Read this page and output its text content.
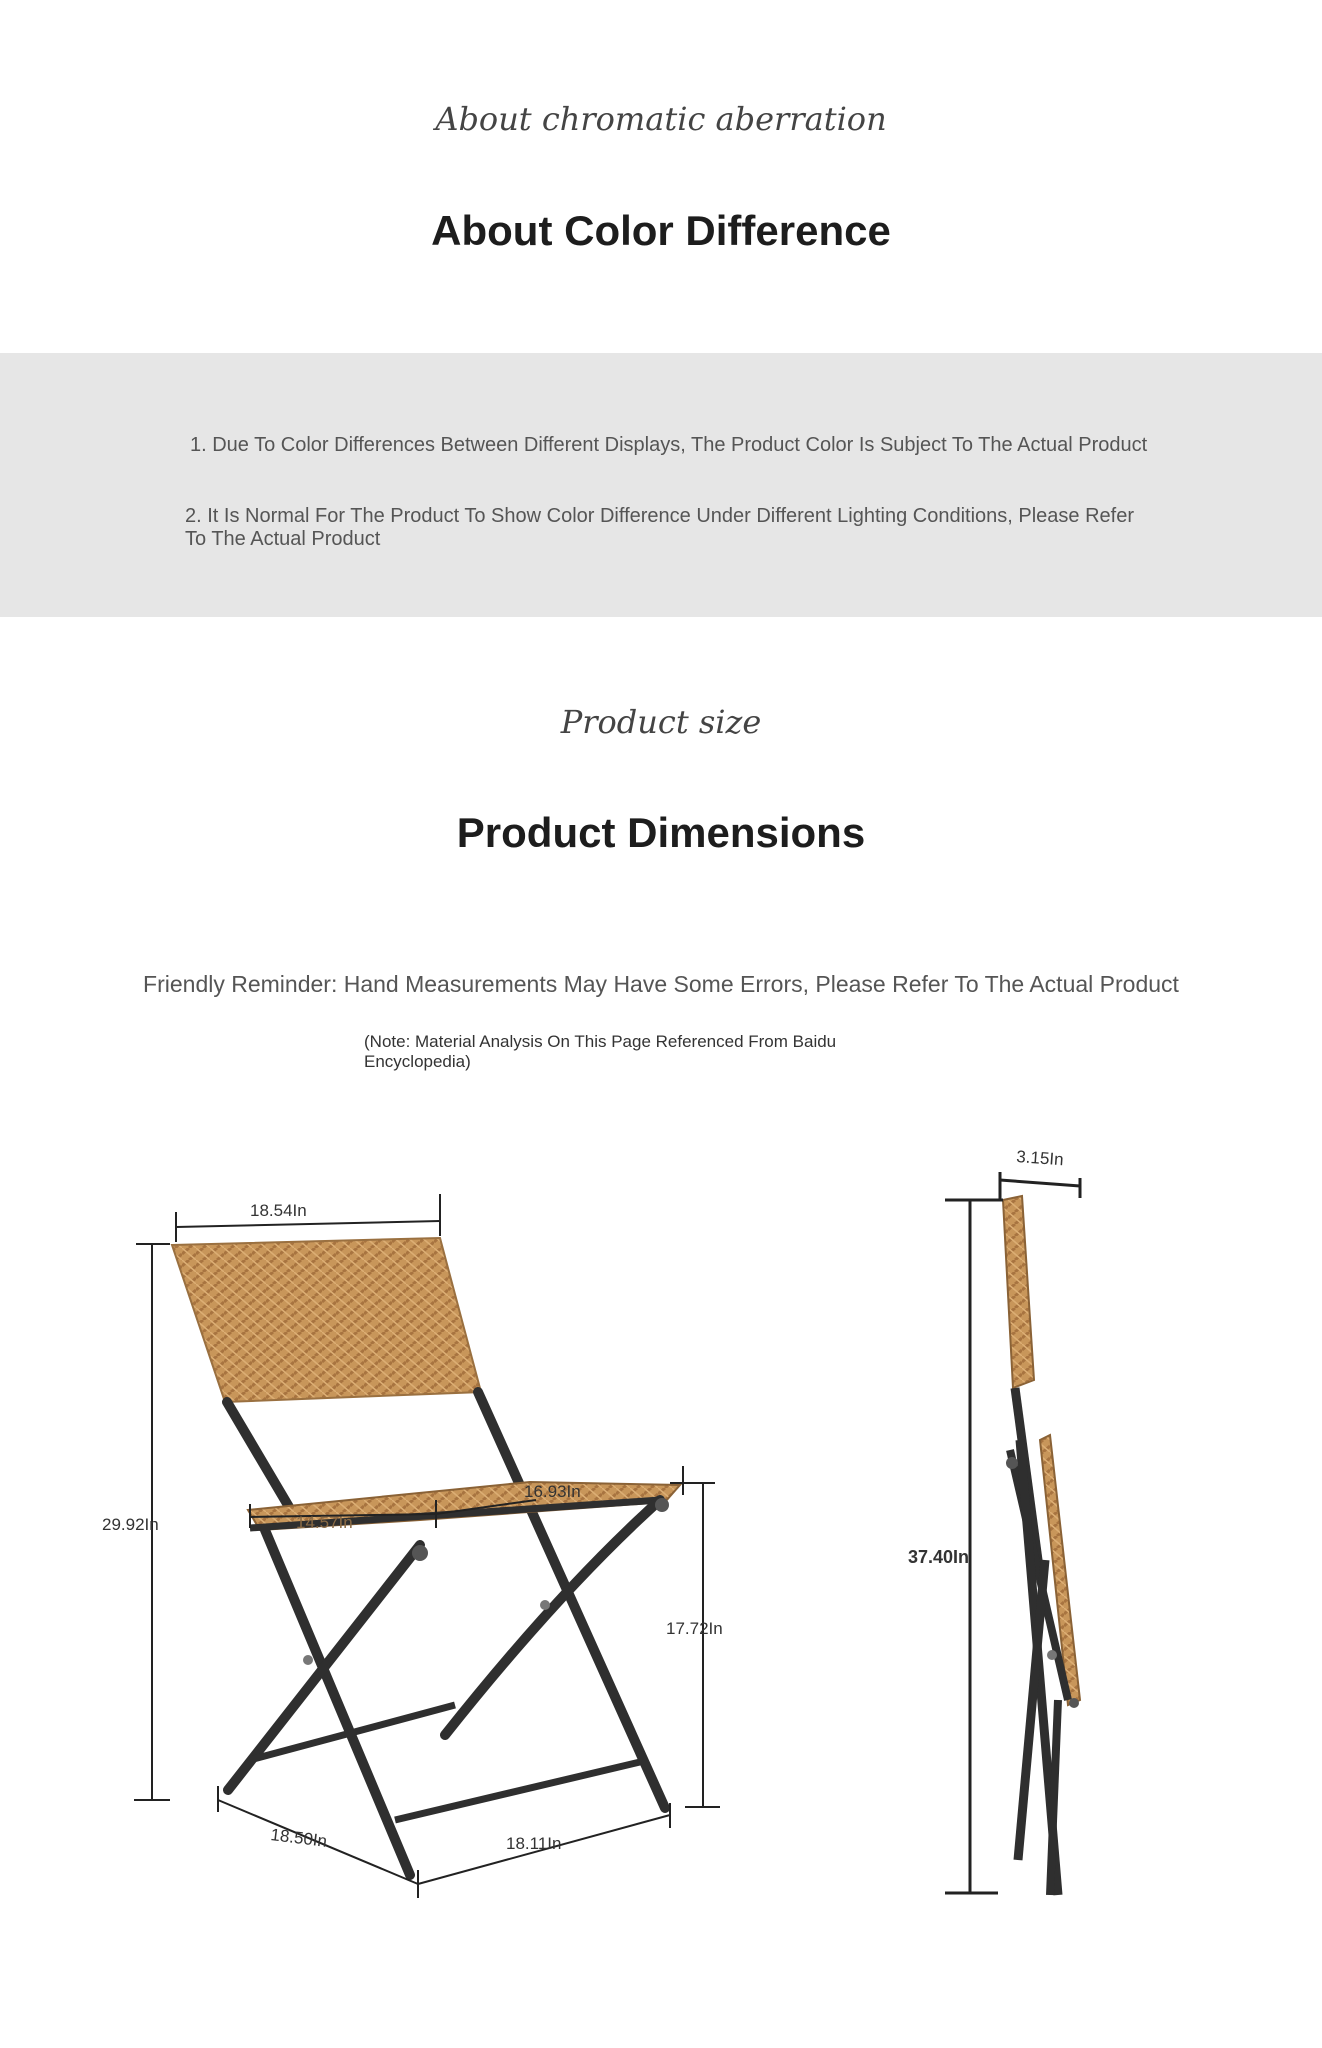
About chromatic aberration
About Color Difference
1. Due To Color Differences Between Different Displays, The Product Color Is Subject To The Actual Product
2. It Is Normal For The Product To Show Color Difference Under Different Lighting Conditions, Please Refer To The Actual Product
Product size
Product Dimensions
Friendly Reminder: Hand Measurements May Have Some Errors, Please Refer To The Actual Product
(Note: Material Analysis On This Page Referenced From Baidu Encyclopedia)
18.54In
29.92In
16.93In
14.57In
17.72In
18.50In	18.11In
3.15In
37.40In
